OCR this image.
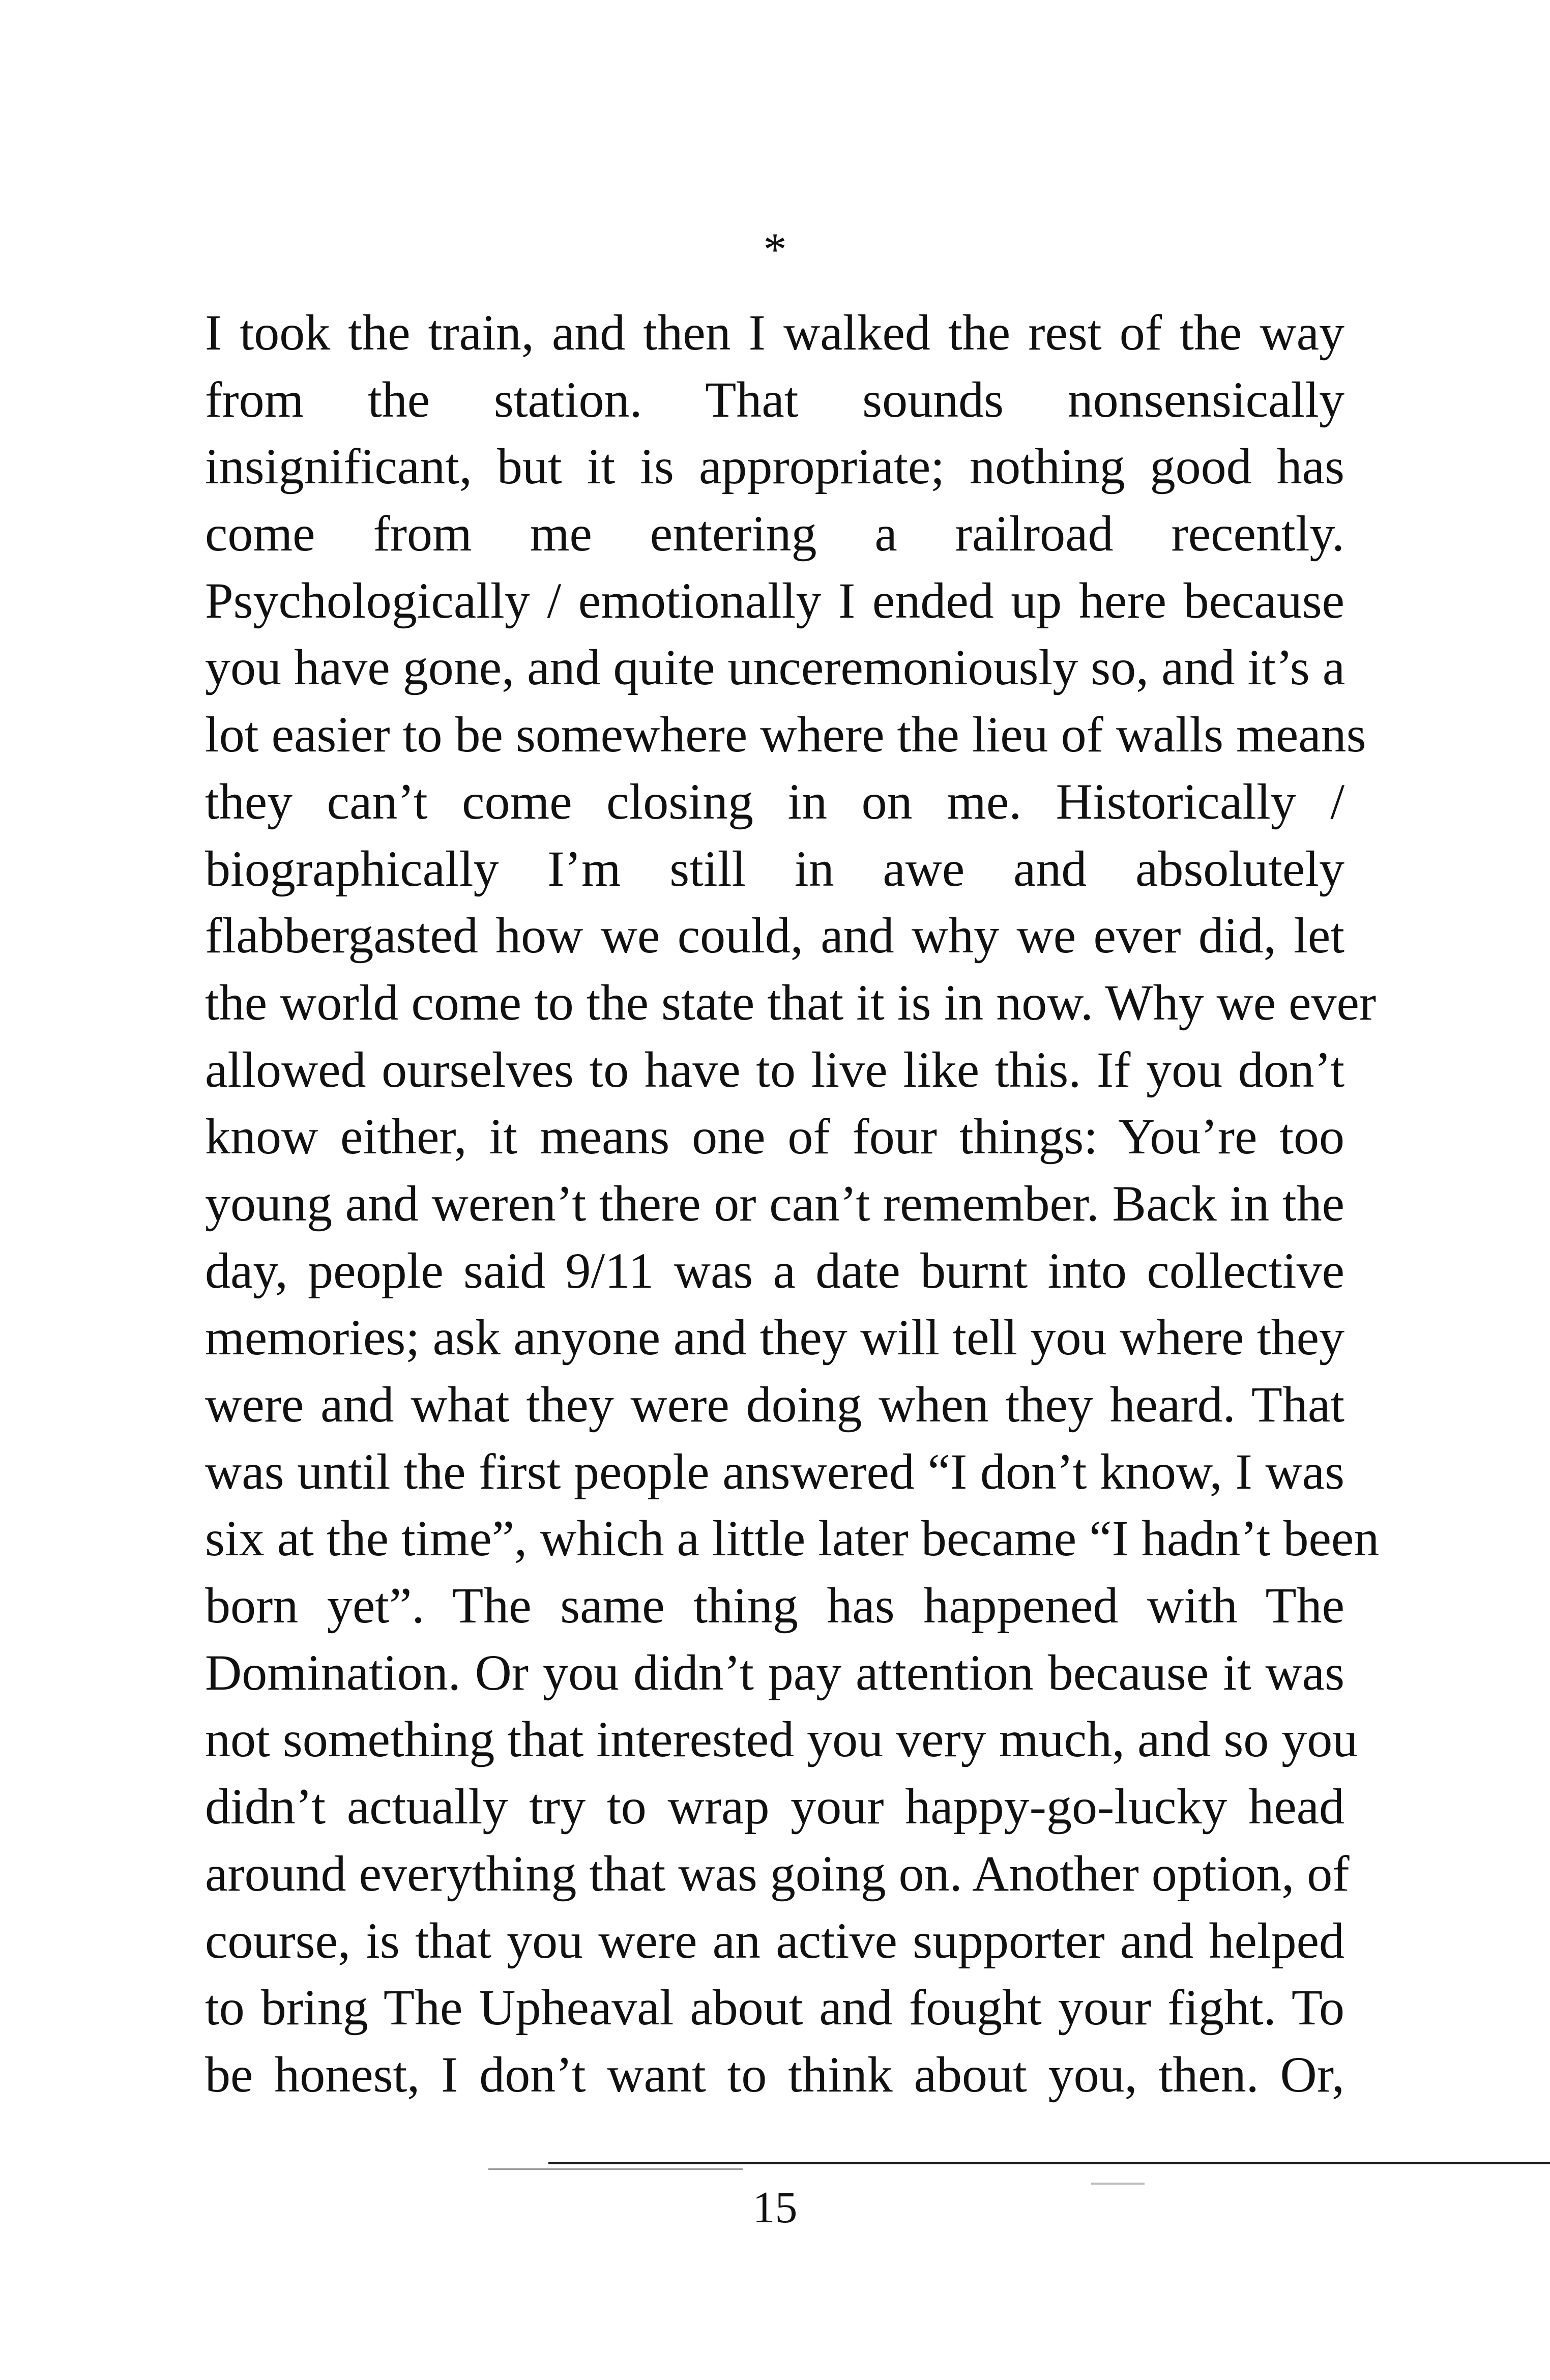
*
I took the train, and then I walked the rest of the way
from the station. That sounds nonsensically
insignificant, but it is appropriate; nothing good has
come from me entering a railroad recently.
Psychologically / emotionally I ended up here because
you have gone, and quite unceremoniously so, and it’s a
lot easier to be somewhere where the lieu of walls means
they can’t come closing in on me. Historically /
biographically I’m still in awe and absolutely
flabbergasted how we could, and why we ever did, let
the world come to the state that it is in now. Why we ever
allowed ourselves to have to live like this. If you don’t
know either, it means one of four things: You’re too
young and weren’t there or can’t remember. Back in the
day, people said 9/11 was a date burnt into collective
memories; ask anyone and they will tell you where they
were and what they were doing when they heard. That
was until the first people answered “I don’t know, I was
six at the time”, which a little later became “I hadn’t been
born yet”. The same thing has happened with The
Domination. Or you didn’t pay attention because it was
not something that interested you very much, and so you
didn’t actually try to wrap your happy-go-lucky head
around everything that was going on. Another option, of
course, is that you were an active supporter and helped
to bring The Upheaval about and fought your fight. To
be honest, I don’t want to think about you, then. Or,
15
